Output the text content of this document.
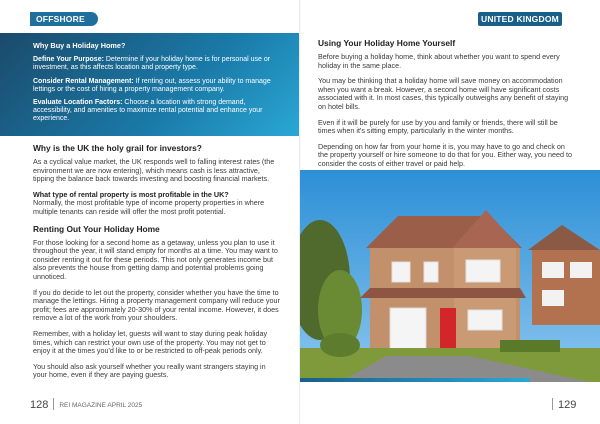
OFFSHORE
Why Buy a Holiday Home?

Define Your Purpose: Determine if your holiday home is for personal use or investment, as this affects location and property type.

Consider Rental Management: If renting out, assess your ability to manage lettings or the cost of hiring a property management company.

Evaluate Location Factors: Choose a location with strong demand, accessibility, and amenities to maximize rental potential and enhance your experience.

Why is the UK the holy grail for investors?

As a cyclical value market, the UK responds well to falling interest rates (the environment we are now entering), which means cash is less attractive, tipping the balance back towards investing and boosting financial markets.

What type of rental property is most profitable in the UK?

Normally, the most profitable type of income property properties in where multiple tenants can reside will offer the most profit potential.

Renting Out Your Holiday Home

For those looking for a second home as a getaway, unless you plan to use it throughout the year, it will stand empty for months at a time. You may want to consider renting it out for these periods. This not only generates income but also prevents the house from getting damp and potential problems going unnoticed.

If you do decide to let out the property, consider whether you have the time to manage the lettings. Hiring a property management company will reduce your profit; fees are approximately 20-30% of your rental income. However, it does remove a lot of the work from your shoulders.

Remember, with a holiday let, guests will want to stay during peak holiday times, which can restrict your own use of the property. You may not get to enjoy it at the times you'd like to or be restricted to off-peak periods only.

You should also ask yourself whether you really want strangers staying in your home, even if they are paying guests.

128 REI MAGAZINE APRIL 2025
Using Your Holiday Home Yourself

Before buying a holiday home, think about whether you want to spend every holiday in the same place.

You may be thinking that a holiday home will save money on accommodation when you want a break. However, a second home will have significant costs associated with it. In most cases, this typically outweighs any benefit of staying on hotel bills.

Even if it will be purely for use by you and family or friends, there will still be times when it's sitting empty, particularly in the winter months.

Depending on how far from your home it is, you may have to go and check on the property yourself or hire someone to do that for you. Either way, you need to consider the costs of either travel or paid help.

UNITED KINGDOM
129
